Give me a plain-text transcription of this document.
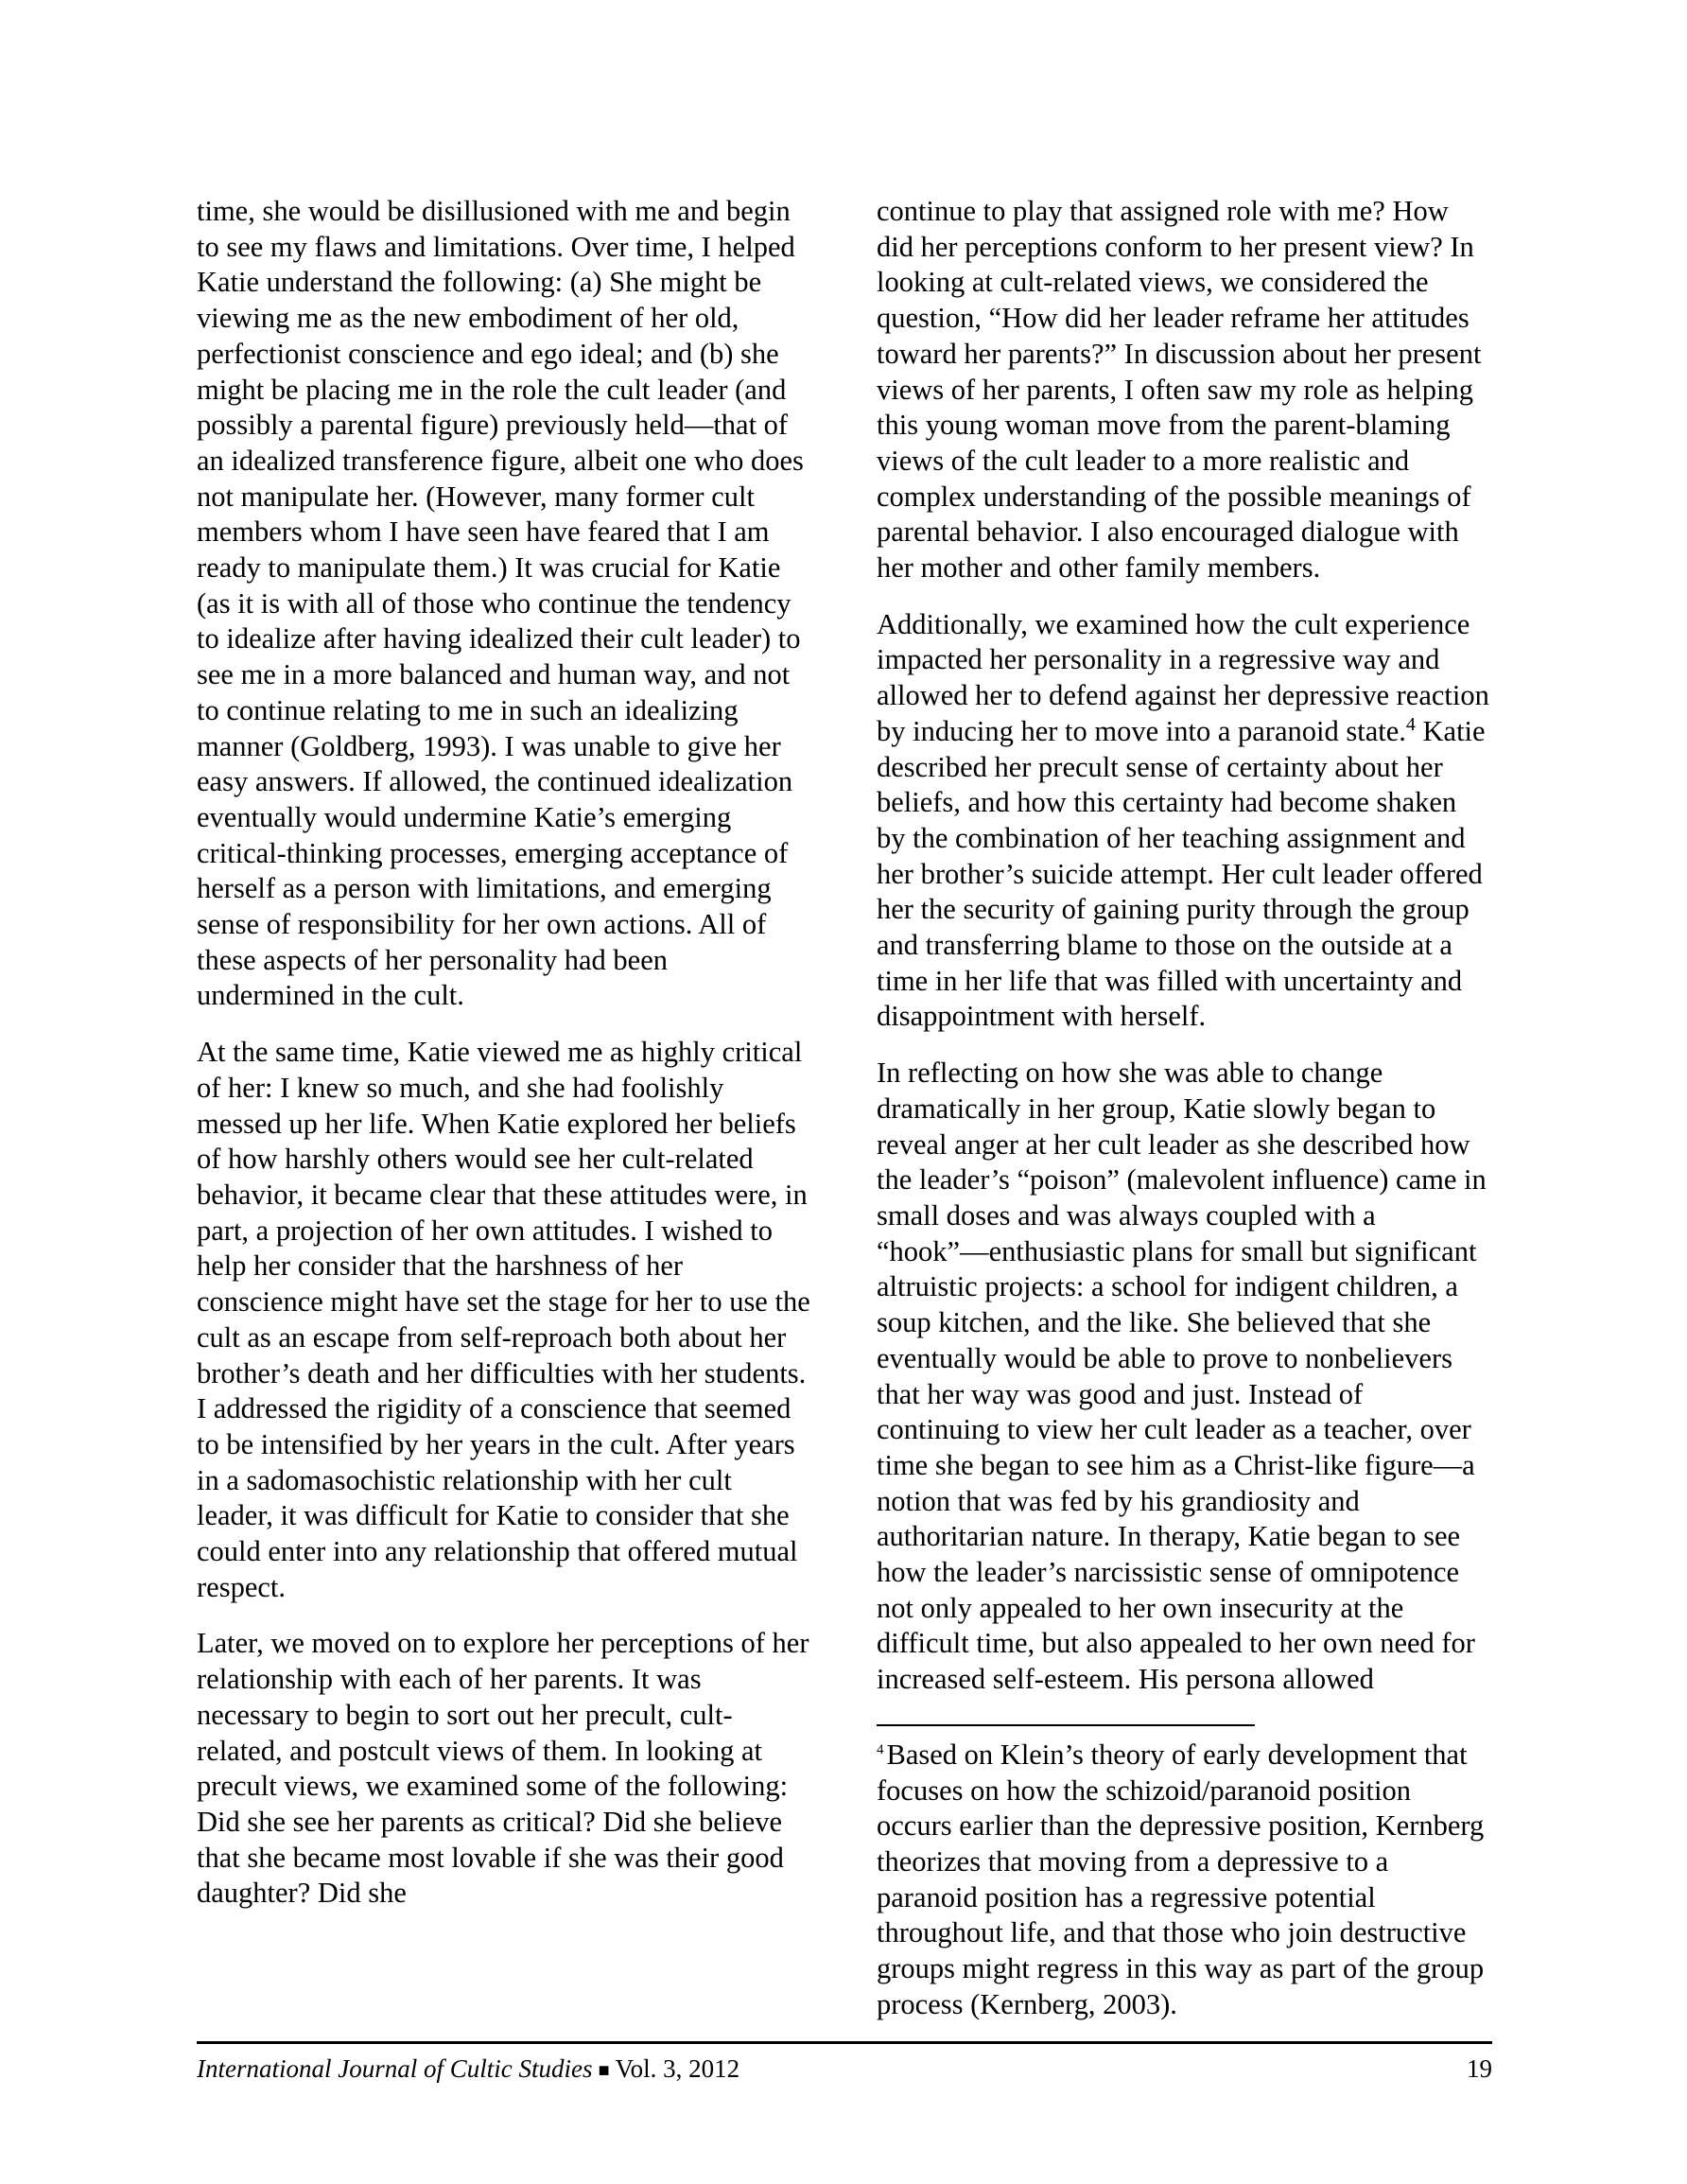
time, she would be disillusioned with me and begin to see my flaws and limitations. Over time, I helped Katie understand the following: (a) She might be viewing me as the new embodiment of her old, perfectionist conscience and ego ideal; and (b) she might be placing me in the role the cult leader (and possibly a parental figure) previously held—that of an idealized transference figure, albeit one who does not manipulate her. (However, many former cult members whom I have seen have feared that I am ready to manipulate them.) It was crucial for Katie (as it is with all of those who continue the tendency to idealize after having idealized their cult leader) to see me in a more balanced and human way, and not to continue relating to me in such an idealizing manner (Goldberg, 1993). I was unable to give her easy answers. If allowed, the continued idealization eventually would undermine Katie’s emerging critical-thinking processes, emerging acceptance of herself as a person with limitations, and emerging sense of responsibility for her own actions. All of these aspects of her personality had been undermined in the cult.

At the same time, Katie viewed me as highly critical of her: I knew so much, and she had foolishly messed up her life. When Katie explored her beliefs of how harshly others would see her cult-related behavior, it became clear that these attitudes were, in part, a projection of her own attitudes. I wished to help her consider that the harshness of her conscience might have set the stage for her to use the cult as an escape from self-reproach both about her brother’s death and her difficulties with her students. I addressed the rigidity of a conscience that seemed to be intensified by her years in the cult. After years in a sadomasochistic relationship with her cult leader, it was difficult for Katie to consider that she could enter into any relationship that offered mutual respect.

Later, we moved on to explore her perceptions of her relationship with each of her parents. It was necessary to begin to sort out her precult, cult-related, and postcult views of them. In looking at precult views, we examined some of the following: Did she see her parents as critical? Did she believe that she became most lovable if she was their good daughter? Did she

continue to play that assigned role with me? How did her perceptions conform to her present view? In looking at cult-related views, we considered the question, “How did her leader reframe her attitudes toward her parents?” In discussion about her present views of her parents, I often saw my role as helping this young woman move from the parent-blaming views of the cult leader to a more realistic and complex understanding of the possible meanings of parental behavior. I also encouraged dialogue with her mother and other family members.

Additionally, we examined how the cult experience impacted her personality in a regressive way and allowed her to defend against her depressive reaction by inducing her to move into a paranoid state.$^4$ Katie described her precult sense of certainty about her beliefs, and how this certainty had become shaken by the combination of her teaching assignment and her brother’s suicide attempt. Her cult leader offered her the security of gaining purity through the group and transferring blame to those on the outside at a time in her life that was filled with uncertainty and disappointment with herself.

In reflecting on how she was able to change dramatically in her group, Katie slowly began to reveal anger at her cult leader as she described how the leader’s “poison” (malevolent influence) came in small doses and was always coupled with a “hook”—enthusiastic plans for small but significant altruistic projects: a school for indigent children, a soup kitchen, and the like. She believed that she eventually would be able to prove to nonbelievers that her way was good and just. Instead of continuing to view her cult leader as a teacher, over time she began to see him as a Christ-like figure—a notion that was fed by his grandiosity and authoritarian nature. In therapy, Katie began to see how the leader’s narcissistic sense of omnipotence not only appealed to her own insecurity at the difficult time, but also appealed to her own need for increased self-esteem. His persona allowed

$^4$Based on Klein’s theory of early development that focuses on how the schizoid/paranoid position occurs earlier than the depressive position, Kernberg theorizes that moving from a depressive to a paranoid position has a regressive potential throughout life, and that those who join destructive groups might regress in this way as part of the group process (Kernberg, 2003).

International Journal of Cultic Studies ■ Vol. 3, 2012	19
